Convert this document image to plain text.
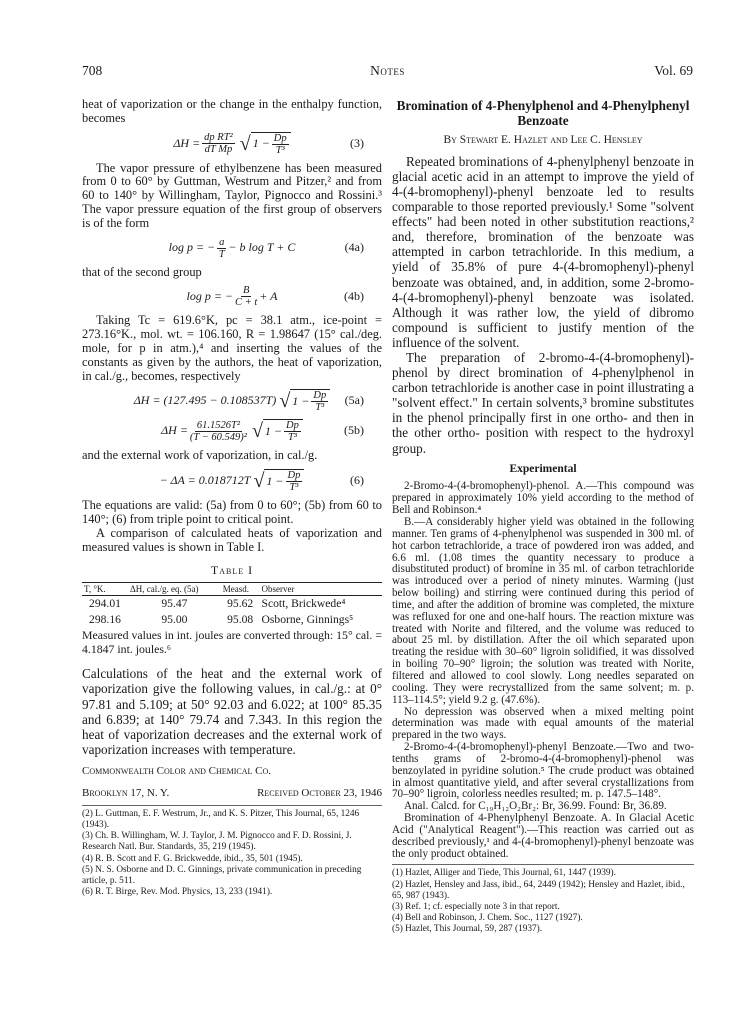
708	Notes	Vol. 69

heat of vaporization or the change in the enthalpy function, becomes

$\Delta H = \frac{\text{dp RT²}}{\text{dT Mp}}$ √ $1 - \frac{Dp}{\text{T³}}$	(3)

The vapor pressure of ethylbenzene has been measured from 0 to 60° by Guttman, Westrum and Pitzer,² and from 60 to 140° by Willingham, Taylor, Pignocco and Rossini.³ The vapor pressure equation of the first group of observers is of the form

log p = − $\frac{a}{T} - b$ log T + C	(4a)

that of the second group

log p = − $\frac{B}{C + t} + A$	(4b)

Taking Tc = 619.6°K, pc = 38.1 atm., ice-point = 273.16°K., mol. wt. = 106.160, R = 1.98647 (15° cal./deg. mole, for p in atm.),⁴ and inserting the values of the constants as given by the authors, the heat of vaporization, in cal./g., becomes, respectively

ΔH = (127.495 − 0.108537T) √ $1 - \frac{Dp}{\text{T³}} (5a)$
$\Delta H = \frac{\text{61.1526T²}}{\text{(T − 60.549)²}}$ √ $1 - \frac{Dp}{\text{T³}}$	(5b)

and the external work of vaporization, in cal./g.

− ΔA = 0.018712T √ $1 - \frac{Dp}{\text{T³}}$	(6)

The equations are valid: (5a) from 0 to 60°; (5b) from 60 to 140°; (6) from triple point to critical point.

A comparison of calculated heats of vaporization and measured values is shown in Table I.

Table I
T, °K.	ΔH, cal./g. eq. (5a)	Measd.	Observer
294.01	95.47	95.62	Scott, Brickwede⁴
298.16	95.00	95.08	Osborne, Ginnings⁵

Measured values in int. joules are converted through: 15° cal. = 4.1847 int. joules.⁶

Calculations of the heat and the external work of vaporization give the following values, in cal./g.: at 0° 97.81 and 5.109; at 50° 92.03 and 6.022; at 100° 85.35 and 6.839; at 140° 79.74 and 7.343. In this region the heat of vaporization decreases and the external work of vaporization increases with temperature.

Commonwealth Color and Chemical Co.
Brooklyn 17, N. Y.	Received October 23, 1946

(2) L. Guttman, E. F. Westrum, Jr., and K. S. Pitzer, This Journal, 65, 1246 (1943).

(3) Ch. B. Willingham, W. J. Taylor, J. M. Pignocco and F. D. Rossini, J. Research Natl. Bur. Standards, 35, 219 (1945).

(4) R. B. Scott and F. G. Brickwedde, ibid., 35, 501 (1945).

(5) N. S. Osborne and D. C. Ginnings, private communication in preceding article, p. 511.

(6) R. T. Birge, Rev. Mod. Physics, 13, 233 (1941).

Bromination of 4-Phenylphenol and 4-Phenylphenyl Benzoate
By Stewart E. Hazlet and Lee C. Hensley

Repeated brominations of 4-phenylphenyl benzoate in glacial acetic acid in an attempt to improve the yield of 4-(4-bromophenyl)-phenyl benzoate led to results comparable to those reported previously.¹ Some "solvent effects" had been noted in other substitution reactions,² and, therefore, bromination of the benzoate was attempted in carbon tetrachloride. In this medium, a yield of 35.8% of pure 4-(4-bromophenyl)-phenyl benzoate was obtained, and, in addition, some 2-bromo-4-(4-bromophenyl)-phenyl benzoate was isolated. Although it was rather low, the yield of dibromo compound is sufficient to justify mention of the influence of the solvent.

The preparation of 2-bromo-4-(4-bromophenyl)-phenol by direct bromination of 4-phenylphenol in carbon tetrachloride is another case in point illustrating a "solvent effect." In certain solvents,³ bromine substitutes in the phenol principally first in one ortho- and then in the other ortho- position with respect to the hydroxyl group.

Experimental

2-Bromo-4-(4-bromophenyl)-phenol. A.—This compound was prepared in approximately 10% yield according to the method of Bell and Robinson.⁴

B.—A considerably higher yield was obtained in the following manner. Ten grams of 4-phenylphenol was suspended in 300 ml. of hot carbon tetrachloride, a trace of powdered iron was added, and 6.6 ml. (1.08 times the quantity necessary to produce a disubstituted product) of bromine in 35 ml. of carbon tetrachloride was introduced over a period of ninety minutes. Warming (just below boiling) and stirring were continued during this period of time, and after the addition of bromine was completed, the mixture was refluxed for one and one-half hours. The reaction mixture was treated with Norite and filtered, and the volume was reduced to about 25 ml. by distillation. After the oil which separated upon treating the residue with 30–60° ligroin solidified, it was dissolved in boiling 70–90° ligroin; the solution was treated with Norite, filtered and allowed to cool slowly. Long needles separated on cooling. They were recrystallized from the same solvent; m. p. 113–114.5°; yield 9.2 g. (47.6%).

No depression was observed when a mixed melting point determination was made with equal amounts of the material prepared in the two ways.

2-Bromo-4-(4-bromophenyl)-phenyl Benzoate.—Two and two-tenths grams of 2-bromo-4-(4-bromophenyl)-phenol was benzoylated in pyridine solution.⁵ The crude product was obtained in almost quantitative yield, and after several crystallizations from 70–90° ligroin, colorless needles resulted; m. p. 147.5–148°.

Anal. Calcd. for C₁₉H₁₂O₂Br₂: Br, 36.99. Found: Br, 36.89.

Bromination of 4-Phenylphenyl Benzoate. A. In Glacial Acetic Acid ("Analytical Reagent").—This reaction was carried out as described previously,¹ and 4-(4-bromophenyl)-phenyl benzoate was the only product obtained.

(1) Hazlet, Alliger and Tiede, This Journal, 61, 1447 (1939).

(2) Hazlet, Hensley and Jass, ibid., 64, 2449 (1942); Hensley and Hazlet, ibid., 65, 987 (1943).

(3) Ref. 1; cf. especially note 3 in that report.

(4) Bell and Robinson, J. Chem. Soc., 1127 (1927).

(5) Hazlet, This Journal, 59, 287 (1937).
